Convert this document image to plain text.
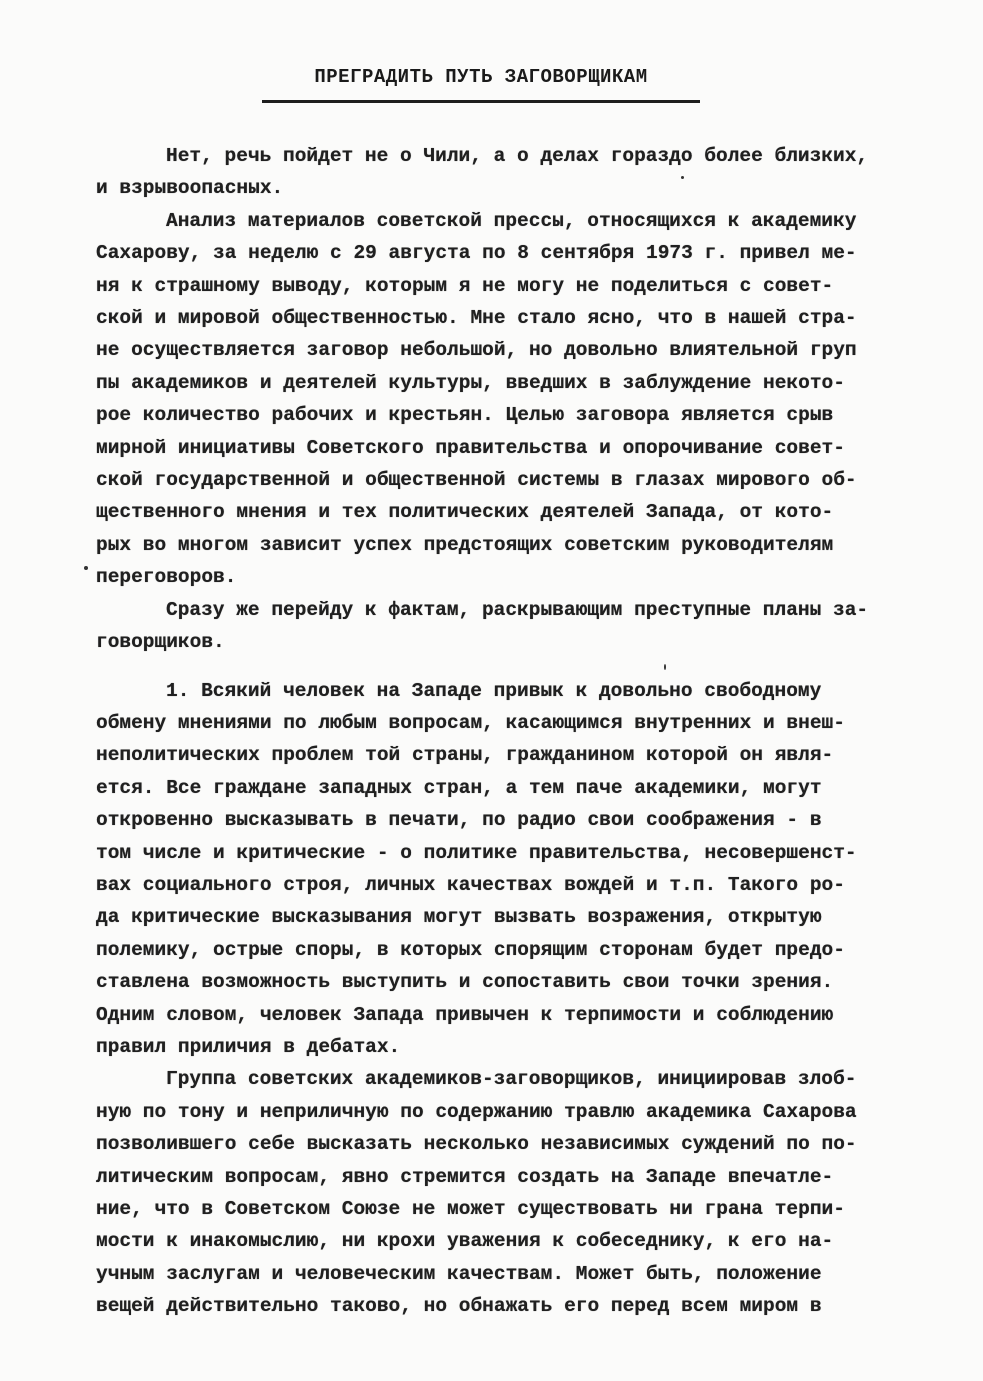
ПРЕГРАДИТЬ ПУТЬ ЗАГОВОРЩИКАМ
Нет, речь пойдет не о Чили, а о делах гораздо более близких,
и взрывоопасных.
Анализ материалов советской прессы, относящихся к академику
Сахарову, за неделю с 29 августа по 8 сентября 1973 г. привел ме-
ня к страшному выводу, которым я не могу не поделиться с совет-
ской и мировой общественностью. Мне стало ясно, что в нашей стра-
не осуществляется заговор небольшой, но довольно влиятельной груп
пы академиков и деятелей культуры, введших в заблуждение некото-
рое количество рабочих и крестьян. Целью заговора является срыв
мирной инициативы Советского правительства и опорочивание совет-
ской государственной и общественной системы в глазах мирового об-
щественного мнения и тех политических деятелей Запада, от кото-
рых во многом зависит успех предстоящих советским руководителям
переговоров.
Сразу же перейду к фактам, раскрывающим преступные планы за-
говорщиков.
1. Всякий человек на Западе привык к довольно свободному
обмену мнениями по любым вопросам, касающимся внутренних и внеш-
неполитических проблем той страны, гражданином которой он явля-
ется. Все граждане западных стран, а тем паче академики, могут
откровенно высказывать в печати, по радио свои соображения - в
том числе и критические - о политике правительства, несовершенст-
вах социального строя, личных качествах вождей и т.п. Такого ро-
да критические высказывания могут вызвать возражения, открытую
полемику, острые споры, в которых спорящим сторонам будет предо-
ставлена возможность выступить и сопоставить свои точки зрения.
Одним словом, человек Запада привычен к терпимости и соблюдению
правил приличия в дебатах.
Группа советских академиков-заговорщиков, инициировав злоб-
ную по тону и неприличную по содержанию травлю академика Сахарова
позволившего себе высказать несколько независимых суждений по по-
литическим вопросам, явно стремится создать на Западе впечатле-
ние, что в Советском Союзе не может существовать ни грана терпи-
мости к инакомыслию, ни крохи уважения к собеседнику, к его на-
учным заслугам и человеческим качествам. Может быть, положение
вещей действительно таково, но обнажать его перед всем миром в
